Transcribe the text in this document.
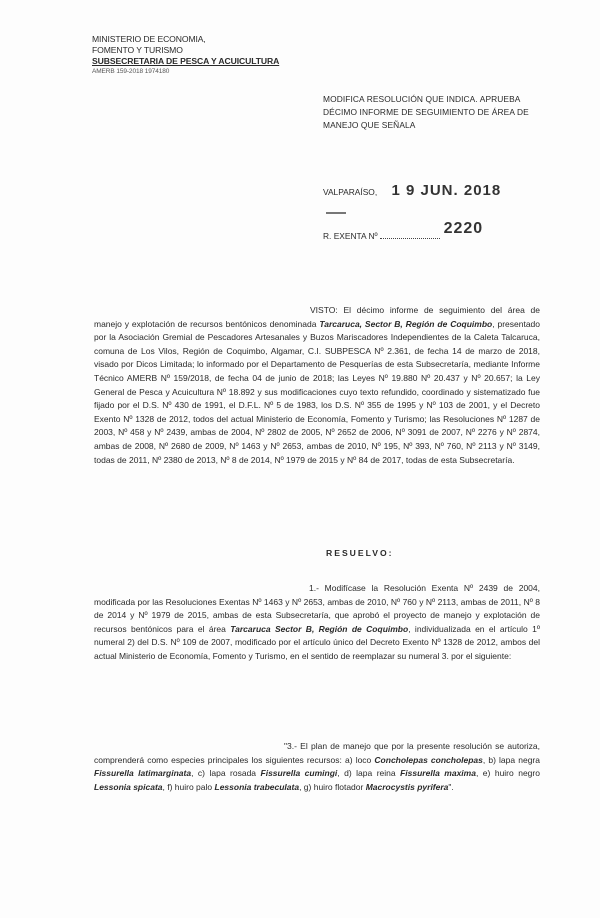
MINISTERIO DE ECONOMIA,
FOMENTO Y TURISMO
SUBSECRETARIA DE PESCA Y ACUICULTURA
AMERB 159-2018 1974180
MODIFICA RESOLUCIÓN QUE INDICA. APRUEBA DÉCIMO INFORME DE SEGUIMIENTO DE ÁREA DE MANEJO QUE SEÑALA
VALPARAÍSO, 1 9 JUN. 2018
R. EXENTA Nº	2220
VISTO: El décimo informe de seguimiento del área de manejo y explotación de recursos bentónicos denominada Tarcaruca, Sector B, Región de Coquimbo, presentado por la Asociación Gremial de Pescadores Artesanales y Buzos Mariscadores Independientes de la Caleta Talcaruca, comuna de Los Vilos, Región de Coquimbo, Algamar, C.I. SUBPESCA Nº 2.361, de fecha 14 de marzo de 2018, visado por Dicos Limitada; lo informado por el Departamento de Pesquerías de esta Subsecretaría, mediante Informe Técnico AMERB Nº 159/2018, de fecha 04 de junio de 2018; las Leyes Nº 19.880 Nº 20.437 y Nº 20.657; la Ley General de Pesca y Acuicultura Nº 18.892 y sus modificaciones cuyo texto refundido, coordinado y sistematizado fue fijado por el D.S. Nº 430 de 1991, el D.F.L. Nº 5 de 1983, los D.S. Nº 355 de 1995 y Nº 103 de 2001, y el Decreto Exento Nº 1328 de 2012, todos del actual Ministerio de Economía, Fomento y Turismo; las Resoluciones Nº 1287 de 2003, Nº 458 y Nº 2439, ambas de 2004, Nº 2802 de 2005, Nº 2652 de 2006, Nº 3091 de 2007, Nº 2276 y Nº 2874, ambas de 2008, Nº 2680 de 2009, Nº 1463 y Nº 2653, ambas de 2010, Nº 195, Nº 393, Nº 760, Nº 2113 y Nº 3149, todas de 2011, Nº 2380 de 2013, Nº 8 de 2014, Nº 1979 de 2015 y Nº 84 de 2017, todas de esta Subsecretaría.
RESUELVO:
1.- Modifícase la Resolución Exenta Nº 2439 de 2004, modificada por las Resoluciones Exentas Nº 1463 y Nº 2653, ambas de 2010, Nº 760 y Nº 2113, ambas de 2011, Nº 8 de 2014 y Nº 1979 de 2015, ambas de esta Subsecretaría, que aprobó el proyecto de manejo y explotación de recursos bentónicos para el área Tarcaruca Sector B, Región de Coquimbo, individualizada en el artículo 1º numeral 2) del D.S. Nº 109 de 2007, modificado por el artículo único del Decreto Exento Nº 1328 de 2012, ambos del actual Ministerio de Economía, Fomento y Turismo, en el sentido de reemplazar su numeral 3. por el siguiente:
"3.- El plan de manejo que por la presente resolución se autoriza, comprenderá como especies principales los siguientes recursos: a) loco Concholepas concholepas, b) lapa negra Fissurella latimarginata, c) lapa rosada Fissurella cumingi, d) lapa reina Fissurella maxima, e) huiro negro Lessonia spicata, f) huiro palo Lessonia trabeculata, g) huiro flotador Macrocystis pyrifera".
